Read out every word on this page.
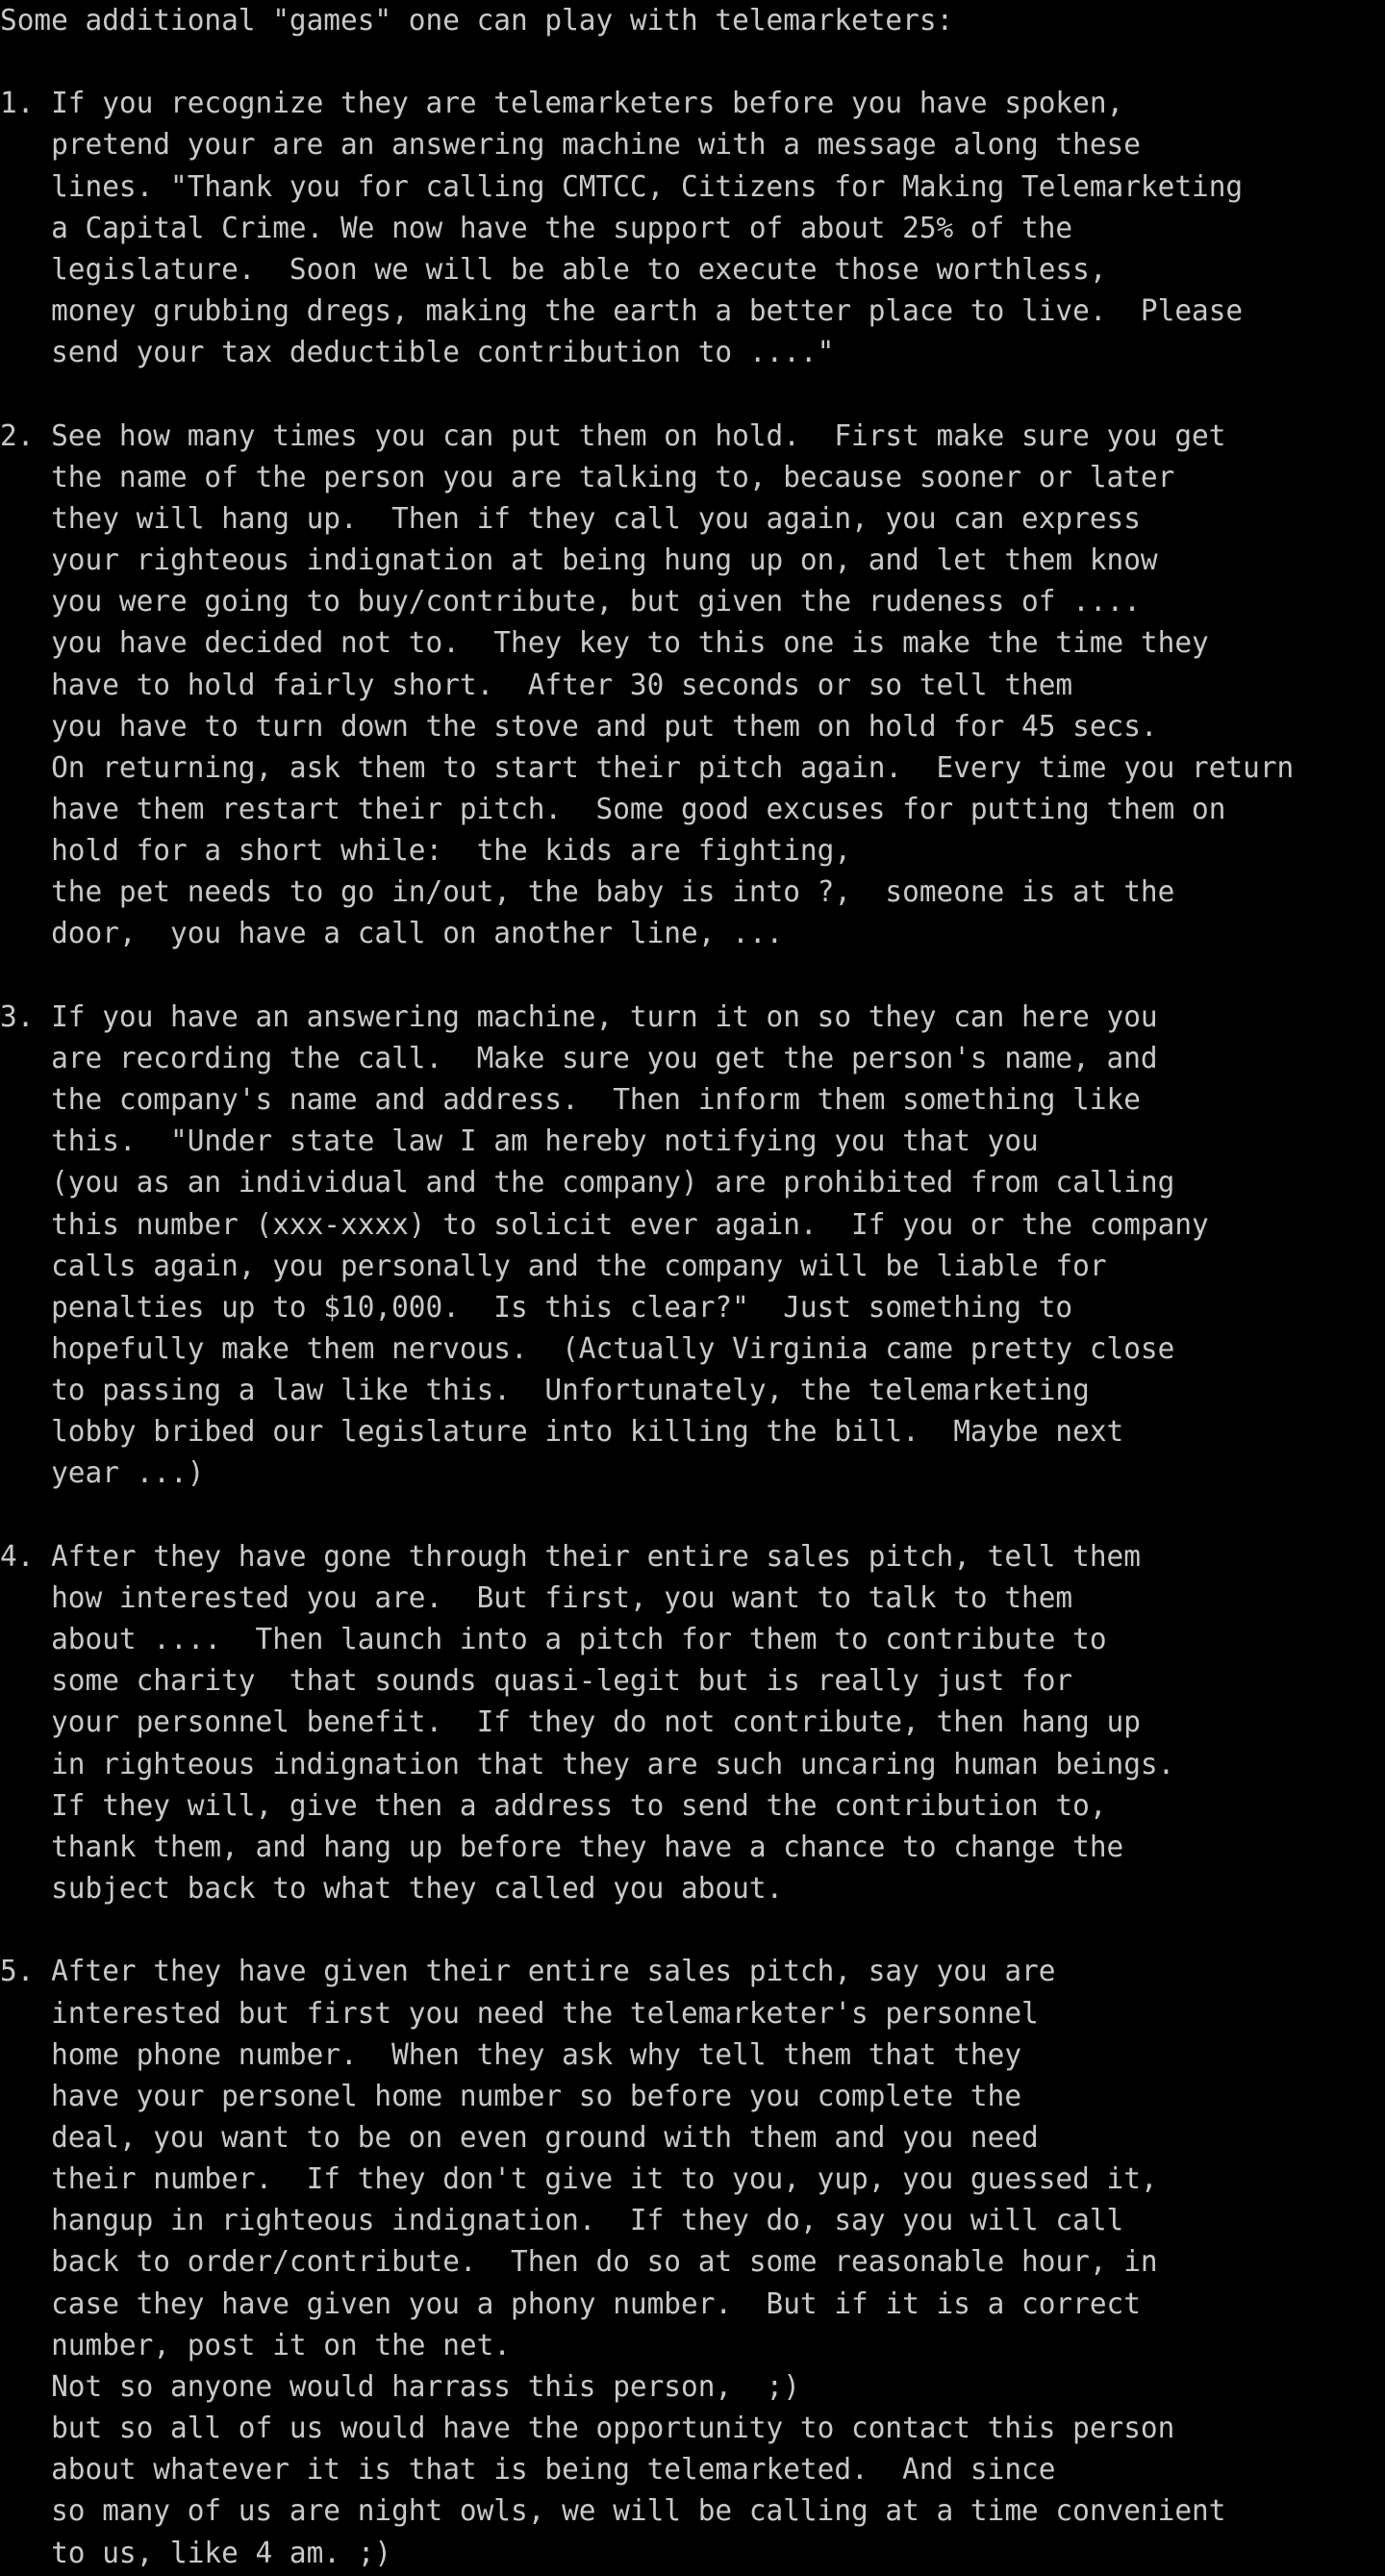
Some additional "games" one can play with telemarketers:
1. If you recognize they are telemarketers before you have spoken,
pretend your are an answering machine with a message along these
lines. "Thank you for calling CMTCC, Citizens for Making Telemarketing
a Capital Crime. We now have the support of about 25% of the
legislature.  Soon we will be able to execute those worthless,
money grubbing dregs, making the earth a better place to live.  Please
send your tax deductible contribution to ...."
2. See how many times you can put them on hold.  First make sure you get
the name of the person you are talking to, because sooner or later
they will hang up.  Then if they call you again, you can express
your righteous indignation at being hung up on, and let them know
you were going to buy/contribute, but given the rudeness of ....
you have decided not to.  They key to this one is make the time they
have to hold fairly short.  After 30 seconds or so tell them
you have to turn down the stove and put them on hold for 45 secs.
On returning, ask them to start their pitch again.  Every time you return
have them restart their pitch.  Some good excuses for putting them on
hold for a short while:  the kids are fighting,
the pet needs to go in/out, the baby is into ?,  someone is at the
door,  you have a call on another line, ...
3. If you have an answering machine, turn it on so they can here you
are recording the call.  Make sure you get the person's name, and
the company's name and address.  Then inform them something like
this.  "Under state law I am hereby notifying you that you
(you as an individual and the company) are prohibited from calling
this number (xxx-xxxx) to solicit ever again.  If you or the company
calls again, you personally and the company will be liable for
penalties up to $10,000.  Is this clear?"  Just something to
hopefully make them nervous.  (Actually Virginia came pretty close
to passing a law like this.  Unfortunately, the telemarketing
lobby bribed our legislature into killing the bill.  Maybe next
year ...)
4. After they have gone through their entire sales pitch, tell them
how interested you are.  But first, you want to talk to them
about ....  Then launch into a pitch for them to contribute to
some charity  that sounds quasi-legit but is really just for
your personnel benefit.  If they do not contribute, then hang up
in righteous indignation that they are such uncaring human beings.
If they will, give then a address to send the contribution to,
thank them, and hang up before they have a chance to change the
subject back to what they called you about.
5. After they have given their entire sales pitch, say you are
interested but first you need the telemarketer's personnel
home phone number.  When they ask why tell them that they
have your personel home number so before you complete the
deal, you want to be on even ground with them and you need
their number.  If they don't give it to you, yup, you guessed it,
hangup in righteous indignation.  If they do, say you will call
back to order/contribute.  Then do so at some reasonable hour, in
case they have given you a phony number.  But if it is a correct
number, post it on the net.
Not so anyone would harrass this person,  ;)
but so all of us would have the opportunity to contact this person
about whatever it is that is being telemarketed.  And since
so many of us are night owls, we will be calling at a time convenient
to us, like 4 am. ;)
